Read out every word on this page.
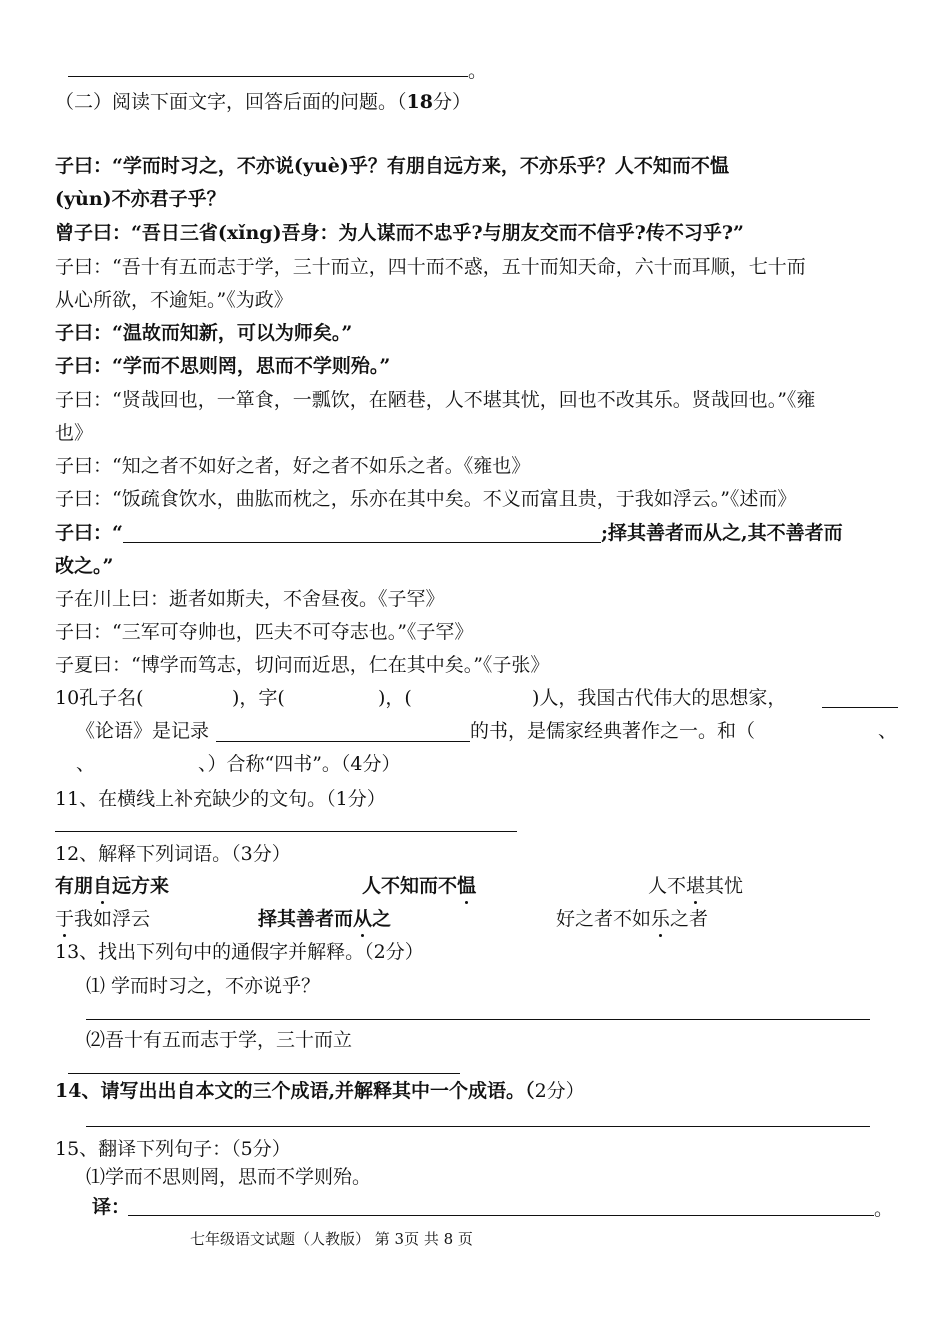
。
（二）阅读下面文字，回答后面的问题。（18分）
子曰：“学而时习之，不亦说(yuè)乎？有朋自远方来，不亦乐乎？人不知而不愠
(yùn)不亦君子乎？
曾子曰：“吾日三省(xǐng)吾身：为人谋而不忠乎?与朋友交而不信乎?传不习乎?”
子曰：“吾十有五而志于学，三十而立，四十而不惑，五十而知天命，六十而耳顺，七十而
从心所欲，不逾矩。”《为政》
子曰：“温故而知新，可以为师矣。”
子曰：“学而不思则罔，思而不学则殆。”
子曰：“贤哉回也，一箪食，一瓢饮，在陋巷，人不堪其忧，回也不改其乐。贤哉回也。”《雍
也》
子曰：“知之者不如好之者，好之者不如乐之者。《雍也》
子曰：“饭疏食饮水，曲肱而枕之，乐亦在其中矣。不义而富且贵，于我如浮云。”《述而》
子曰：“	;择其善者而从之,其不善者而
改之。”
子在川上曰：逝者如斯夫，不舍昼夜。《子罕》
子曰：“三军可夺帅也，匹夫不可夺志也。”《子罕》
子夏曰：“博学而笃志，切问而近思，仁在其中矣。”《子张》
10孔子名(	)，字(	)，(	)人，我国古代伟大的思想家，
《论语》是记录	的书，是儒家经典著作之一。和（	、
、	、）合称“四书”。（4分）
11、在横线上补充缺少的文句。（1分）
12、解释下列词语。（3分）
有朋自远方来	人不知而不愠	人不堪其忧
于我如浮云	择其善者而从之	好之者不如乐之者
13、找出下列句中的通假字并解释。（2分）
⑴ 学而时习之，不亦说乎？
⑵吾十有五而志于学，三十而立
14、请写出出自本文的三个成语,并解释其中一个成语。（2分）
15、翻译下列句子：（5分）
⑴学而不思则罔，思而不学则殆。
译：	。
七年级语文试题（人教版） 第 3页 共 8 页
